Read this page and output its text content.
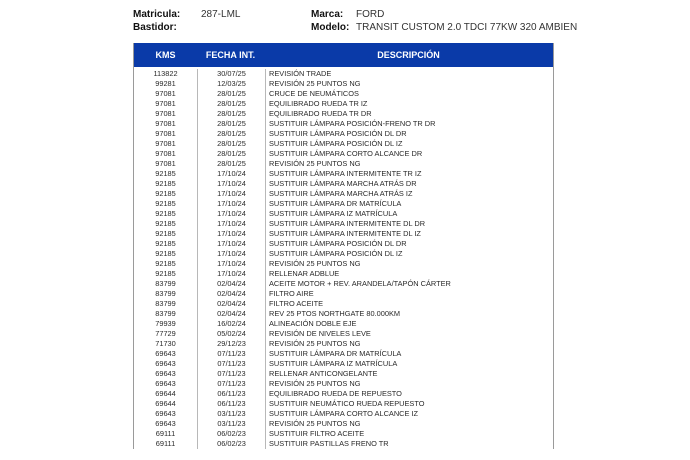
Matricula: 287-LML
Bastidor:
Marca: FORD
Modelo: TRANSIT CUSTOM 2.0 TDCI 77KW 320 AMBIEN
KMS	FECHA INT.	DESCRIPCIÓN
113822	30/07/25	REVISIÓN TRADE
99281	12/03/25	REVISIÓN 25 PUNTOS NG
97081	28/01/25	CRUCE DE NEUMÁTICOS
97081	28/01/25	EQUILIBRADO RUEDA TR IZ
97081	28/01/25	EQUILIBRADO RUEDA TR DR
97081	28/01/25	SUSTITUIR LÁMPARA POSICIÓN-FRENO TR DR
97081	28/01/25	SUSTITUIR LÁMPARA POSICIÓN DL DR
97081	28/01/25	SUSTITUIR LÁMPARA POSICIÓN DL IZ
97081	28/01/25	SUSTITUIR LÁMPARA CORTO ALCANCE DR
97081	28/01/25	REVISIÓN 25 PUNTOS NG
92185	17/10/24	SUSTITUIR LÁMPARA INTERMITENTE TR IZ
92185	17/10/24	SUSTITUIR LÁMPARA MARCHA ATRÁS DR
92185	17/10/24	SUSTITUIR LÁMPARA MARCHA ATRÁS IZ
92185	17/10/24	SUSTITUIR LÁMPARA DR MATRÍCULA
92185	17/10/24	SUSTITUIR LÁMPARA IZ MATRÍCULA
92185	17/10/24	SUSTITUIR LÁMPARA INTERMITENTE DL DR
92185	17/10/24	SUSTITUIR LÁMPARA INTERMITENTE DL IZ
92185	17/10/24	SUSTITUIR LÁMPARA POSICIÓN DL DR
92185	17/10/24	SUSTITUIR LÁMPARA POSICIÓN DL IZ
92185	17/10/24	REVISIÓN 25 PUNTOS NG
92185	17/10/24	RELLENAR ADBLUE
83799	02/04/24	ACEITE MOTOR + REV. ARANDELA/TAPÓN CÁRTER
83799	02/04/24	FILTRO AIRE
83799	02/04/24	FILTRO ACEITE
83799	02/04/24	REV 25 PTOS NORTHGATE 80.000KM
79939	16/02/24	ALINEACIÓN DOBLE EJE
77729	05/02/24	REVISIÓN DE NIVELES LEVE
71730	29/12/23	REVISIÓN 25 PUNTOS NG
69643	07/11/23	SUSTITUIR LÁMPARA DR MATRÍCULA
69643	07/11/23	SUSTITUIR LÁMPARA IZ MATRÍCULA
69643	07/11/23	RELLENAR ANTICONGELANTE
69643	07/11/23	REVISIÓN 25 PUNTOS NG
69644	06/11/23	EQUILIBRADO RUEDA DE REPUESTO
69644	06/11/23	SUSTITUIR NEUMÁTICO RUEDA REPUESTO
69643	03/11/23	SUSTITUIR LÁMPARA CORTO ALCANCE IZ
69643	03/11/23	REVISIÓN 25 PUNTOS NG
69111	06/02/23	SUSTITUIR FILTRO ACEITE
69111	06/02/23	SUSTITUIR PASTILLAS FRENO TR
